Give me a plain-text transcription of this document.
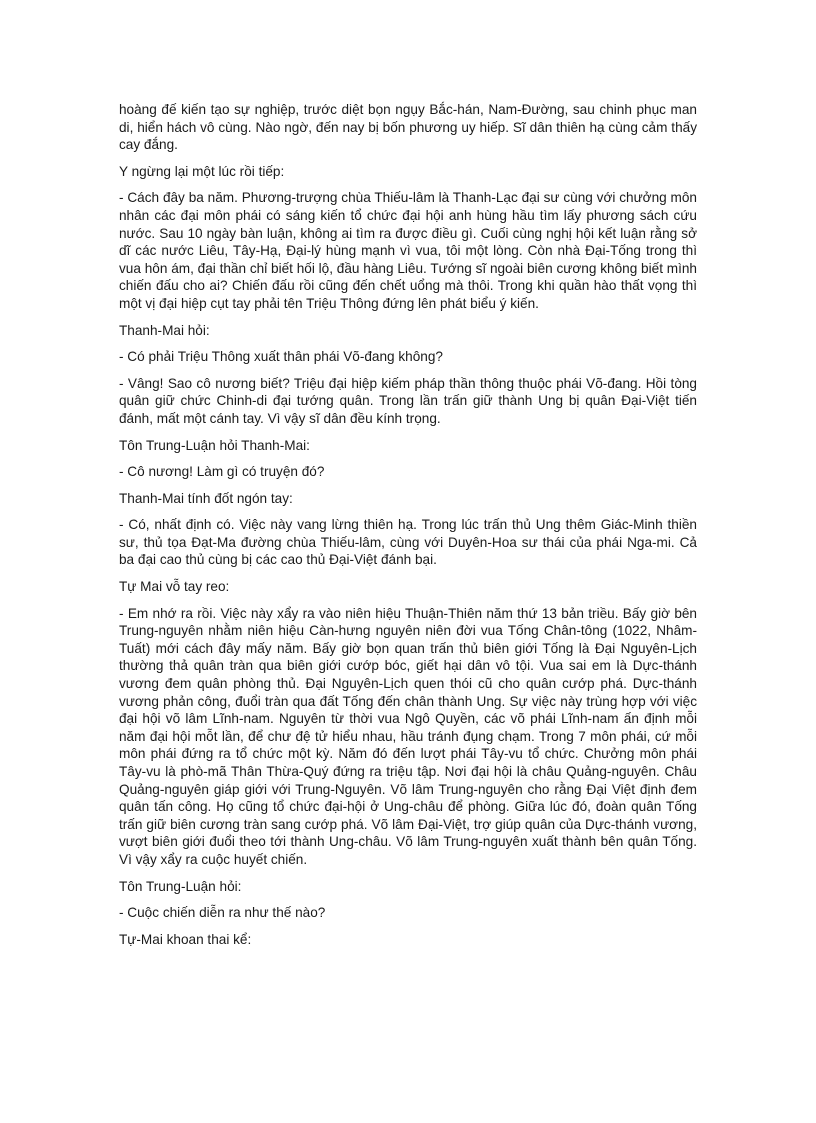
hoàng đế kiến tạo sự nghiệp, trước diệt bọn ngụy Bắc-hán, Nam-Đường, sau chinh phục man di, hiển hách vô cùng. Nào ngờ, đến nay bị bốn phương uy hiếp. Sĩ dân thiên hạ cùng cảm thấy cay đắng.

Y ngừng lại một lúc rồi tiếp:

- Cách đây ba năm. Phương-trượng chùa Thiếu-lâm là Thanh-Lạc đại sư cùng với chưởng môn nhân các đại môn phái có sáng kiến tổ chức đại hội anh hùng hầu tìm lấy phương sách cứu nước. Sau 10 ngày bàn luận, không ai tìm ra được điều gì. Cuối cùng nghị hội kết luận rằng sở dĩ các nước Liêu, Tây-Hạ, Đại-lý hùng mạnh vì vua, tôi một lòng. Còn nhà Đại-Tống trong thì vua hôn ám, đại thần chỉ biết hối lộ, đầu hàng Liêu. Tướng sĩ ngoài biên cương không biết mình chiến đấu cho ai? Chiến đấu rồi cũng đến chết uổng mà thôi. Trong khi quần hào thất vọng thì một vị đại hiệp cụt tay phải tên Triệu Thông đứng lên phát biểu ý kiến.

Thanh-Mai hỏi:

- Có phải Triệu Thông xuất thân phái Võ-đang không?

- Vâng! Sao cô nương biết? Triệu đại hiệp kiếm pháp thần thông thuộc phái Võ-đang. Hồi tòng quân giữ chức Chinh-di đại tướng quân. Trong lần trấn giữ thành Ung bị quân Đại-Việt tiến đánh, mất một cánh tay. Vì vậy sĩ dân đều kính trọng.

Tôn Trung-Luận hỏi Thanh-Mai:

- Cô nương! Làm gì có truyện đó?

Thanh-Mai tính đốt ngón tay:

- Có, nhất định có. Việc này vang lừng thiên hạ. Trong lúc trấn thủ Ung thêm Giác-Minh thiền sư, thủ tọa Đạt-Ma đường chùa Thiếu-lâm, cùng với Duyên-Hoa sư thái của phái Nga-mi. Cả ba đại cao thủ cùng bị các cao thủ Đại-Việt đánh bại.

Tự Mai vỗ tay reo:

- Em nhớ ra rồi. Việc này xẩy ra vào niên hiệu Thuận-Thiên năm thứ 13 bản triều. Bấy giờ bên Trung-nguyên nhằm niên hiệu Càn-hưng nguyên niên đời vua Tống Chân-tông (1022, Nhâm-Tuất) mới cách đây mấy năm. Bấy giờ bọn quan trấn thủ biên giới Tống là Đại Nguyên-Lịch thường thả quân tràn qua biên giới cướp bóc, giết hại dân vô tội. Vua sai em là Dực-thánh vương đem quân phòng thủ. Đại Nguyên-Lịch quen thói cũ cho quân cướp phá. Dực-thánh vương phản công, đuổi tràn qua đất Tống đến chân thành Ung. Sự việc này trùng hợp với việc đại hội võ lâm Lĩnh-nam. Nguyên từ thời vua Ngô Quyền, các võ phái Lĩnh-nam ấn định mỗi năm đại hội mỗt lần, để chư đệ tử hiểu nhau, hầu tránh đụng chạm. Trong 7 môn phái, cứ mỗi môn phái đứng ra tổ chức một kỳ. Năm đó đến lượt phái Tây-vu tổ chức. Chưởng môn phái Tây-vu là phò-mã Thân Thừa-Quý đứng ra triệu tập. Nơi đại hội là châu Quảng-nguyên. Châu Quảng-nguyên giáp giới với Trung-Nguyên. Võ lâm Trung-nguyên cho rằng Đại Việt định đem quân tấn công. Họ cũng tổ chức đại-hội ở Ung-châu để phòng. Giữa lúc đó, đoàn quân Tống trấn giữ biên cương tràn sang cướp phá. Võ lâm Đại-Việt, trợ giúp quân của Dực-thánh vương, vượt biên giới đuổi theo tới thành Ung-châu. Võ lâm Trung-nguyên xuất thành bên quân Tống. Vì vậy xẩy ra cuộc huyết chiến.

Tôn Trung-Luận hỏi:

- Cuộc chiến diễn ra như thế nào?

Tự-Mai khoan thai kể:
